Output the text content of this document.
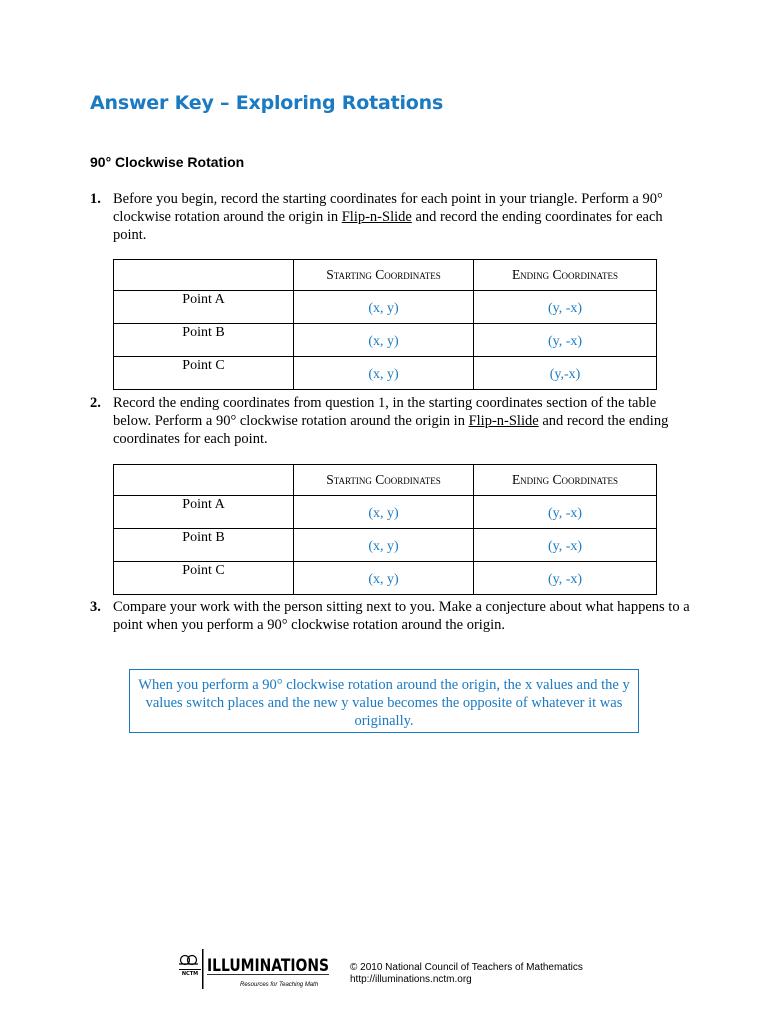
Answer Key – Exploring Rotations
90° Clockwise Rotation
1. Before you begin, record the starting coordinates for each point in your triangle. Perform a 90° clockwise rotation around the origin in Flip-n-Slide and record the ending coordinates for each point.
	Starting Coordinates	Ending Coordinates
Point A	(x, y)	(y, -x)
Point B	(x, y)	(y, -x)
Point C	(x, y)	(y,-x)
2. Record the ending coordinates from question 1, in the starting coordinates section of the table below. Perform a 90° clockwise rotation around the origin in Flip-n-Slide and record the ending coordinates for each point.
	Starting Coordinates	Ending Coordinates
Point A	(x, y)	(y, -x)
Point B	(x, y)	(y, -x)
Point C	(x, y)	(y, -x)
3. Compare your work with the person sitting next to you. Make a conjecture about what happens to a point when you perform a 90° clockwise rotation around the origin.
When you perform a 90° clockwise rotation around the origin, the x values and the y values switch places and the new y value becomes the opposite of whatever it was originally.
NCTM ILLUMINATIONS
Resources for Teaching Math
© 2010 National Council of Teachers of Mathematics
http://illuminations.nctm.org
